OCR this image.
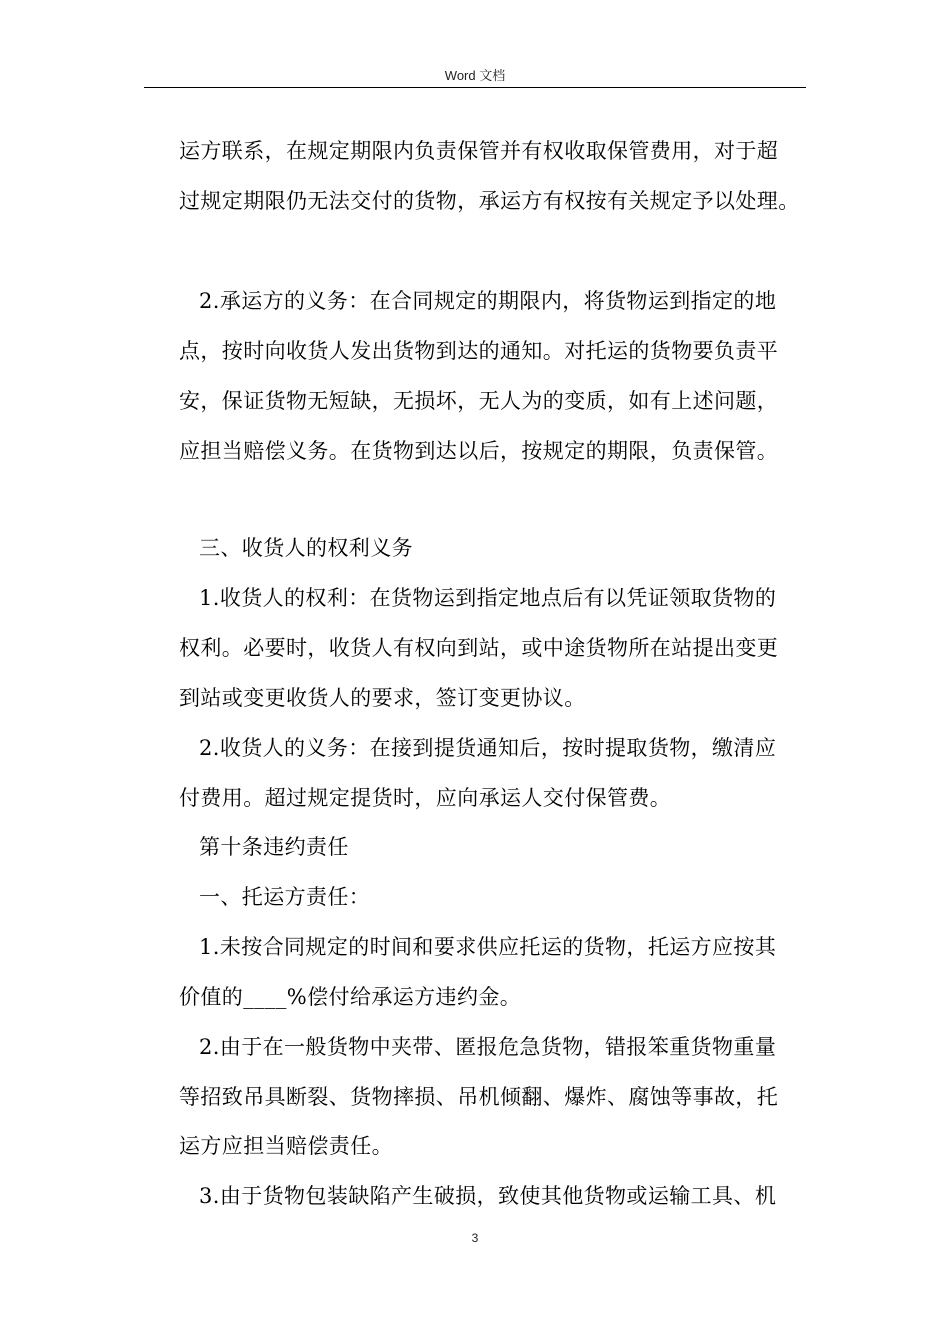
Word 文档
运方联系，在规定期限内负责保管并有权收取保管费用，对于超
过规定期限仍无法交付的货物，承运方有权按有关规定予以处理。
2.承运方的义务：在合同规定的期限内，将货物运到指定的地
点，按时向收货人发出货物到达的通知。对托运的货物要负责平
安，保证货物无短缺，无损坏，无人为的变质，如有上述问题，
应担当赔偿义务。在货物到达以后，按规定的期限，负责保管。
三、收货人的权利义务
1.收货人的权利：在货物运到指定地点后有以凭证领取货物的
权利。必要时，收货人有权向到站，或中途货物所在站提出变更
到站或变更收货人的要求，签订变更协议。
2.收货人的义务：在接到提货通知后，按时提取货物，缴清应
付费用。超过规定提货时，应向承运人交付保管费。
第十条违约责任
一、托运方责任：
1.未按合同规定的时间和要求供应托运的货物，托运方应按其
价值的____%偿付给承运方违约金。
2.由于在一般货物中夹带、匿报危急货物，错报笨重货物重量
等招致吊具断裂、货物摔损、吊机倾翻、爆炸、腐蚀等事故，托
运方应担当赔偿责任。
3.由于货物包装缺陷产生破损，致使其他货物或运输工具、机
3
